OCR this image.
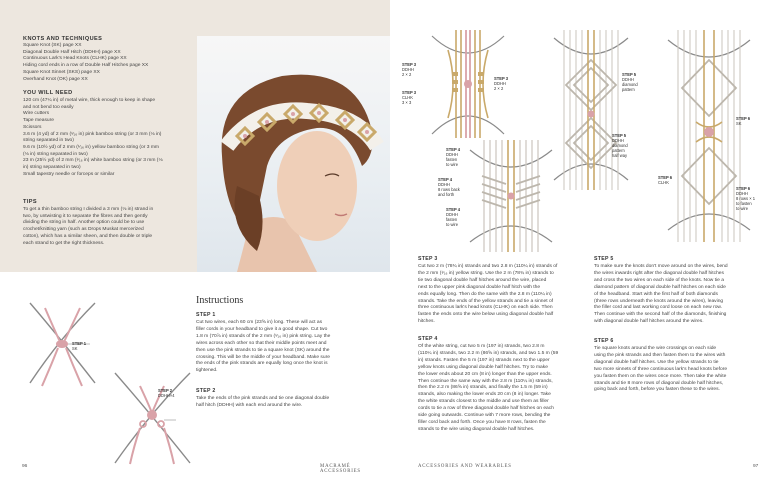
KNOTS AND TECHNIQUES
YOU WILL NEED
TIPS
STEP 1
SK
STEP 2
DDHH×4
Instructions
STEP 1
STEP 2
96	MACRAMÉ ACCESSORIES
Square Knot (SK) page XX
Diagonal Double Half Hitch (DDHH) page XX
Continuous Lark's Head Knots (CLHK) page XX
Hiding cord ends in a row of Double Half Hitches page XX
Square Knot Sinnet (SKS) page XX
Overhand Knot (OK) page XX
120 cm (47¼ in) of metal wire, thick enough to keep in shape
and not bend too easily
Wire cutters
Tape measure
Scissors
3.6 m (4 yd) of 2 mm (¹⁄₁₆ in) pink bamboo string (or 3 mm (⅛ in)
string separated in two)
9.6 m (10½ yd) of 2 mm (¹⁄₁₆ in) yellow bamboo string (or 3 mm
(⅛ in) string separated in two)
23 m (25½ yd) of 2 mm (¹⁄₁₆ in) white bamboo string (or 3 mm (⅛
in) string separated in two)
Small tapestry needle or forceps or similar
To get a thin bamboo string I divided a 3 mm (⅛ in) strand in
two, by untwisting it to separate the fibres and then gently
dividing the string in half. Another option could be to use
crochet/knitting yarn (such as Drops Muskat mercerized
cotton), which has a similar sheen, and then double or triple
each strand to get the right thickness.
Cut two wires, each 60 cm (23⅝ in) long. These will act as
filler cords in your headband to give it a good shape. Cut two
1.8 m (70⅞ in) strands of the 2 mm (¹⁄₁₆ in) pink string. Lay the
wires across each other so that their middle points meet and
then use the pink strands to tie a square knot (SK) around the
crossing. This will be the middle of your headband. Make sure
the ends of the pink strands are equally long once the knot is
tightened.
Take the ends of the pink strands and tie one diagonal double
half hitch (DDHH) with each end around the wire.
STEP 3
DDHH
2 × 2
STEP 3
CLHK
3 × 3
STEP 3
DDHH
2 × 2
STEP 4
DDHH
fasten
to wire
STEP 4
DDHH
8 rows back
and forth
STEP 4
DDHH
fasten
to wire
STEP 5
DDHH
diamond
pattern
STEP 5
DDHH
diamond
pattern
half way
STEP 6
SK
STEP 6
CLHK
STEP 6
DDHH
8 rows × 1
to fasten
to wire
STEP 3
STEP 4
STEP 5
STEP 6
ACCESSORIES AND WEARABLES	97
Cut two 2 m (78¾ in) strands and two 2.8 m (110¼ in) strands of
the 2 mm (¹⁄₁₆ in) yellow string. Use the 2 m (78¾ in) strands to
tie two diagonal double half hitches around the wire, placed
next to the upper pink diagonal double half hitch with the
ends equally long. Then do the same with the 2.8 m (110¼ in)
strands. Take the ends of the yellow strands and tie a sinnet of
three continuous lark's head knots (CLHK) on each side. Then
fasten the ends onto the wire below using diagonal double half
hitches.
Of the white string, cut two 5 m (197 in) strands, two 2.8 m
(110¼ in) strands, two 2.2 m (86⅝ in) strands, and two 1.5 m (59
in) strands. Fasten the 5 m (197 in) strands next to the upper
yellow knots using diagonal double half hitches. Try to make
the lower ends about 20 cm (8 in) longer than the upper ends.
Then continue the same way with the 2.8 m (110¼ in) strands,
then the 2.2 m (86⅝ in) strands, and finally the 1.5 m (59 in)
strands, also making the lower ends 20 cm (8 in) longer. Take
the white strands closest to the middle and use them as filler
cords to tie a row of three diagonal double half hitches on each
side going outwards. Continue with 7 more rows, bending the
filler cord back and forth. Once you have 8 rows, fasten the
strands to the wire using diagonal double half hitches.
To make sure the knots don't move around on the wires, bend
the wires inwards right after the diagonal double half hitches
and cross the two wires on each side of the knots. Now tie a
diamond pattern of diagonal double half hitches on each side
of the headband. Start with the first half of both diamonds
(three rows underneath the knots around the wires), leaving
the filler cord and last working cord loose on each new row.
Then continue with the second half of the diamonds, finishing
with diagonal double half hitches around the wires.
Tie square knots around the wire crossings on each side
using the pink strands and then fasten them to the wires with
diagonal double half hitches. Use the yellow strands to tie
two more sinnets of three continuous lark's head knots before
you fasten them on the wires once more. Then take the white
strands and tie 8 more rows of diagonal double half hitches,
going back and forth, before you fasten these to the wires.
